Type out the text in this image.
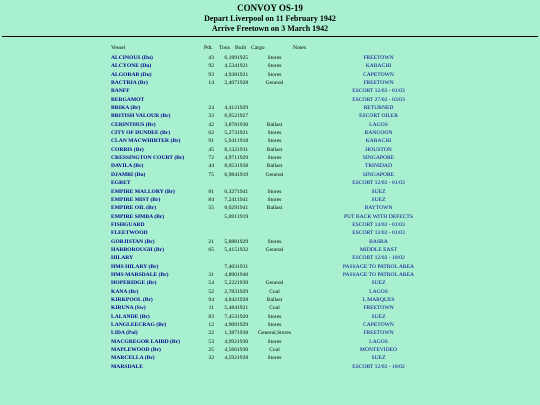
CONVOY OS-19
Depart Liverpool on 11 February 1942
Arrive Freetown on 3 March 1942
Vessel	Pdt. Tons Built Cargo	Notes
ALCINOUS (Du)	43	6,189	1925	Stores	FREETOWN
ALCYONE (Du)	92	4,534	1921	Stores	KARACHI
ALGORAB (Du)	93	4,938	1921	Stores	CAPETOWN
BACTRIA (Br)	14	2,407	1928	General	FREETOWN
BANFF					ESCORT 12/02 - 01/03
BERGAMOT					ESCORT 27/02 - 03/03
BRIKA (Br)	24	4,412	1929		RETURNED
BRITISH VALOUR (Br)	33	6,952	1927		ESCORT OILER
CERINTHUS (Br)	42	3,878	1930	Ballast	LAGOS
CITY OF DUNDEE (Br)	62	5,273	1921	Stores	RANGOON
CLAN MACWHIRTER (Br)	91	5,941	1918	Stores	KARACHI
CORBIS (Br)	45	8,132	1931	Ballast	HOUSTON
CRESSINGTON COURT (Br)	72	4,971	1929	Stores	SINGAPORE
DAVILA (Br)	44	8,053	1938	Ballast	TRINIDAD
DJAMBI (Du)	75	6,984	1919	General	SINGAPORE
EGRET					ESCORT 12/02 - 01/03
EMPIRE MALLORY (Br)	81	6,327	1941	Stores	SUEZ
EMPIRE MIST (Br)	84	7,241	1941	Stores	SUEZ
EMPIRE OIL (Br)	55	8,029	1941	Ballast	BAYTOWN
EMPIRE SIMBA (Br)		5,691	1919		PUT BACK WITH DEFECTS
FISHGUARD					ESCORT 14/02 - 01/03
FLEETWOOD					ESCORT 12/02 - 01/03
GORJISTAN (Br)	21	5,888	1929	Stores	BASRA
HARBOROUGH (Br)	65	5,415	1932	General	MIDDLE EAST
HILARY					ESCORT 12/02 - 18/02
HMS HILARY (Br)		7,403	1931		PASSAGE TO PATROL AREA
HMS MARSDALE (Br)	31	4,890	1940		PASSAGE TO PATROL AREA
HOPERIDGE (Br)	54	5,222	1939	General	SUEZ
KANA (Br)	52	2,783	1929	Coal	LAGOS
KIRKPOOL (Br)	94	4,842	1928	Ballast	L MARQUES
KIRUNA (Sw)	11	5,484	1921	Coal	FREETOWN
LALANDE (Br)	83	7,453	1920	Stores	SUEZ
LANGLEECRAG (Br)	12	4,909	1929	Stores	CAPETOWN
LIDA (Pol)	22	1,387	1938	General,Stores	FREETOWN
MACGREGOR LAIRD (Br)	53	4,992	1930	Stores	LAGOS
MAPLEWOOD (Br)	25	4,566	1930	Coal	MONTEVIDEO
MARCELLA (Br)	32	4,592	1928	Stores	SUEZ
MARSDALE					ESCORT 12/02 - 18/02
